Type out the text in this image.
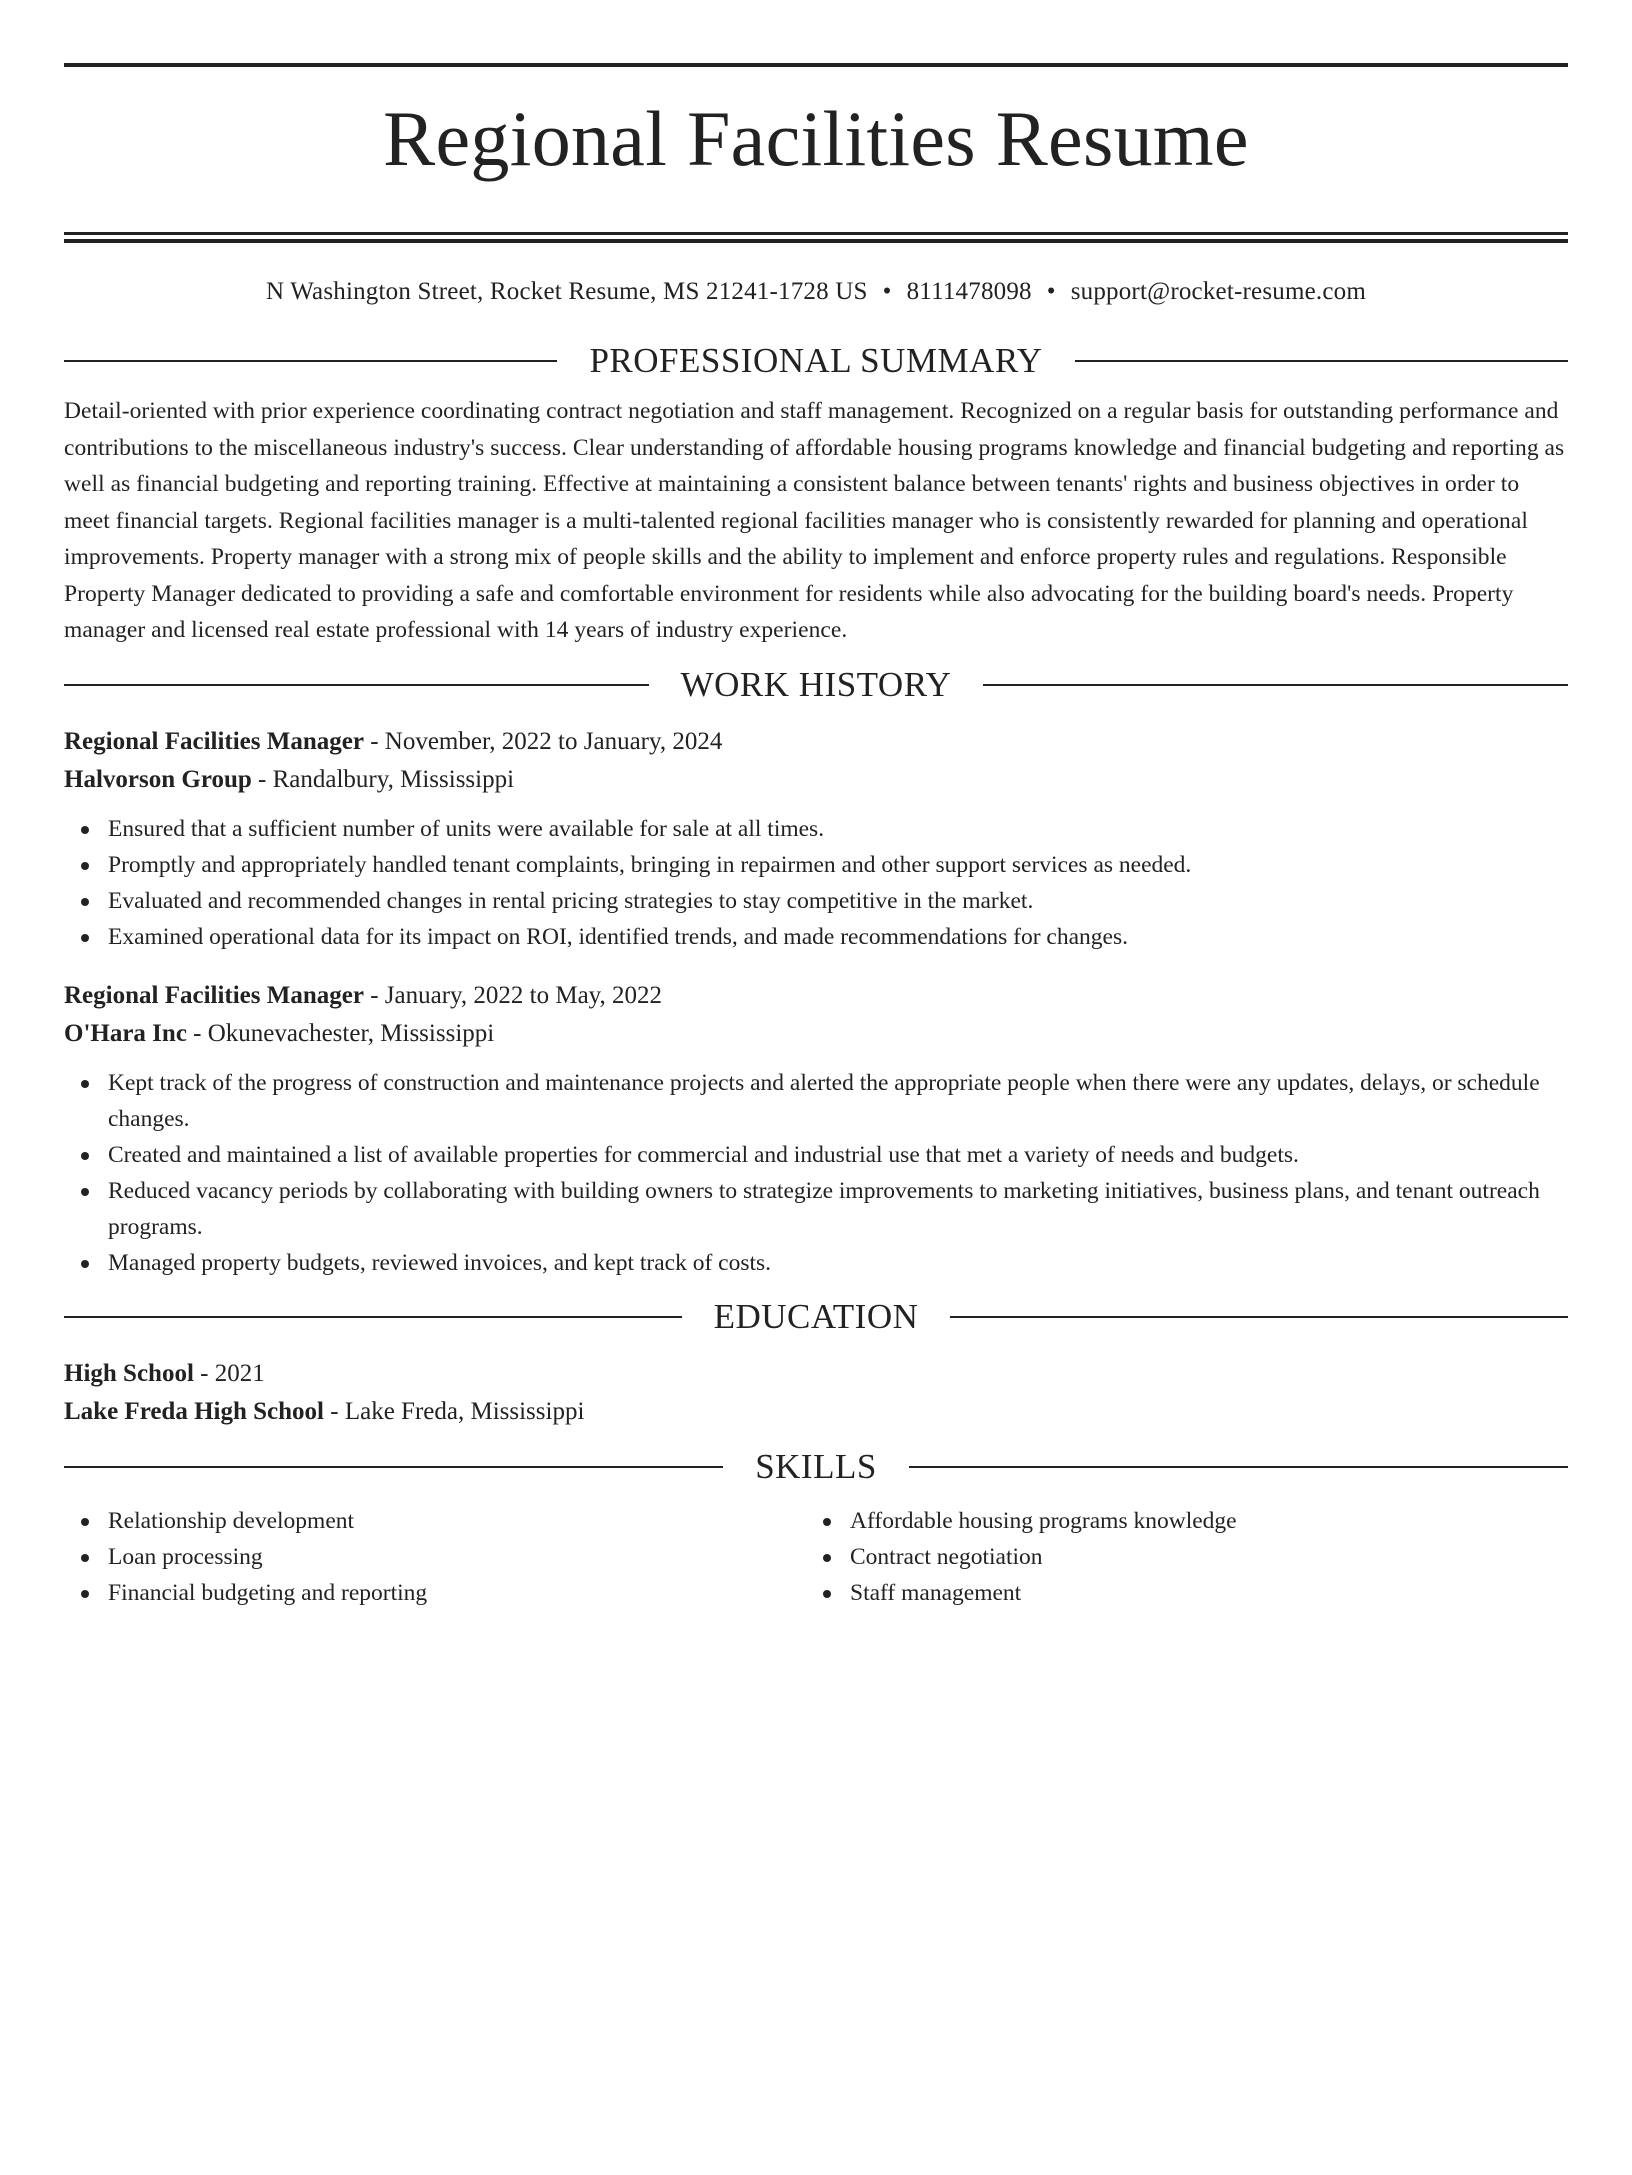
Regional Facilities Resume
N Washington Street, Rocket Resume, MS 21241-1728 US • 8111478098 • support@rocket-resume.com
PROFESSIONAL SUMMARY

Detail-oriented with prior experience coordinating contract negotiation and staff management. Recognized on a regular basis for outstanding performance and contributions to the miscellaneous industry's success. Clear understanding of affordable housing programs knowledge and financial budgeting and reporting as well as financial budgeting and reporting training. Effective at maintaining a consistent balance between tenants' rights and business objectives in order to meet financial targets. Regional facilities manager is a multi-talented regional facilities manager who is consistently rewarded for planning and operational improvements. Property manager with a strong mix of people skills and the ability to implement and enforce property rules and regulations. Responsible Property Manager dedicated to providing a safe and comfortable environment for residents while also advocating for the building board's needs. Property manager and licensed real estate professional with 14 years of industry experience.

WORK HISTORY
Regional Facilities Manager - November, 2022 to January, 2024
Halvorson Group - Randalbury, Mississippi
Ensured that a sufficient number of units were available for sale at all times.
Promptly and appropriately handled tenant complaints, bringing in repairmen and other support services as needed.
Evaluated and recommended changes in rental pricing strategies to stay competitive in the market.
Examined operational data for its impact on ROI, identified trends, and made recommendations for changes.
Regional Facilities Manager - January, 2022 to May, 2022
O'Hara Inc - Okunevachester, Mississippi
Kept track of the progress of construction and maintenance projects and alerted the appropriate people when there were any updates, delays, or schedule changes.
Created and maintained a list of available properties for commercial and industrial use that met a variety of needs and budgets.
Reduced vacancy periods by collaborating with building owners to strategize improvements to marketing initiatives, business plans, and tenant outreach programs.
Managed property budgets, reviewed invoices, and kept track of costs.
EDUCATION
High School - 2021
Lake Freda High School - Lake Freda, Mississippi
SKILLS
Relationship development
Loan processing
Financial budgeting and reporting
Affordable housing programs knowledge
Contract negotiation
Staff management
